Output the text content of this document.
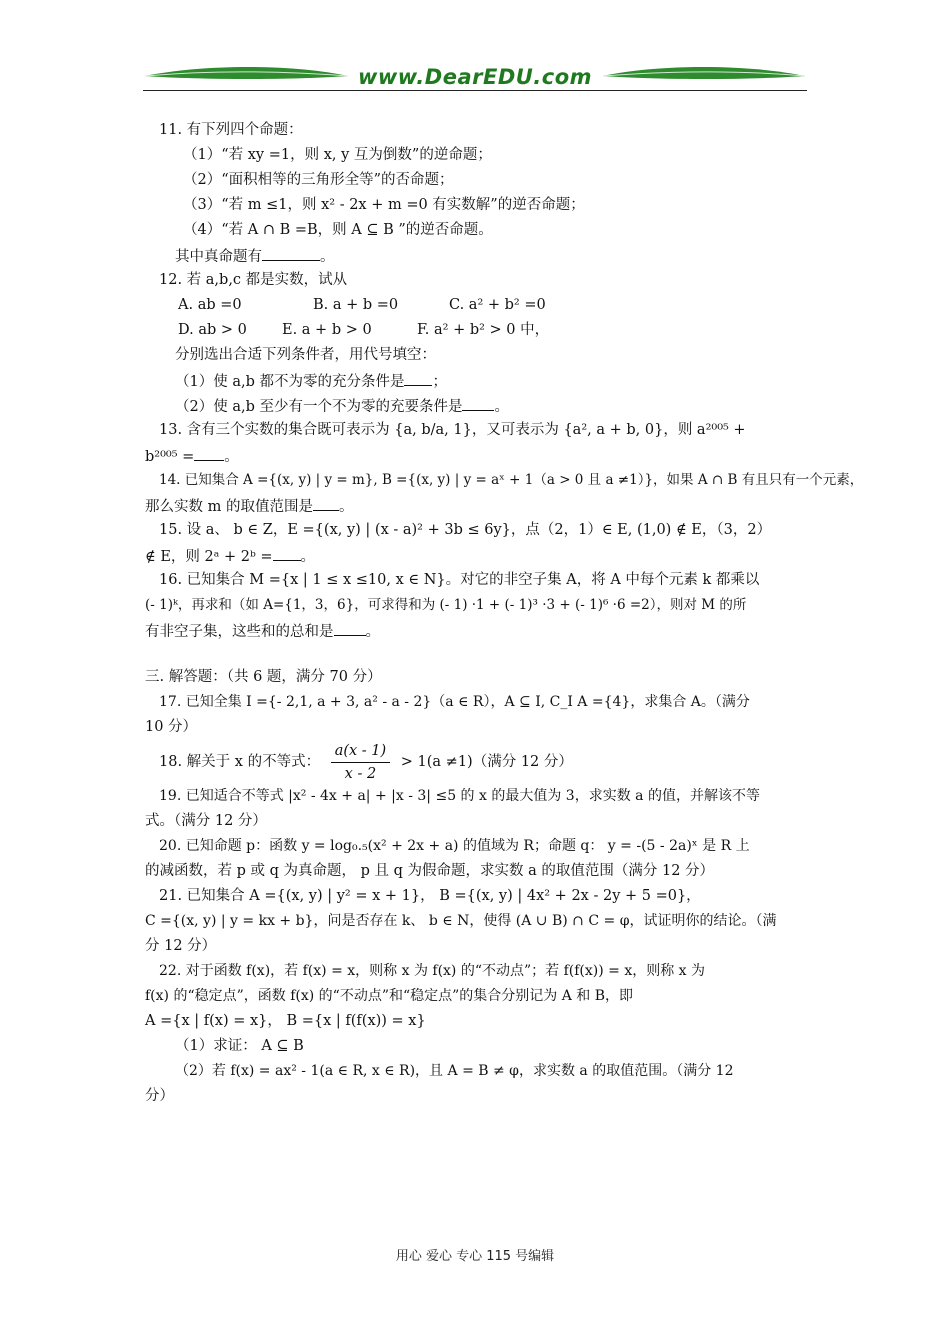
www.DearEDU.com
11. 有下列四个命题：
（1）“若 xy =1，则 x, y 互为倒数”的逆命题；
（2）“面积相等的三角形全等”的否命题；
（3）“若 m ≤1，则 x² - 2x + m =0 有实数解”的逆否命题；
（4）“若 A ∩ B =B，则 A ⊆ B ”的逆否命题。
其中真命题有	。
12. 若 a,b,c 都是实数，试从
A. ab =0	B. a + b =0	C. a² + b² =0
D. ab > 0	E. a + b > 0	F. a² + b² > 0 中，
分别选出合适下列条件者，用代号填空：
（1）使 a,b 都不为零的充分条件是 ；
（2）使 a,b 至少有一个不为零的充要条件是 。
13. 含有三个实数的集合既可表示为 {a, b/a, 1}，又可表示为 {a², a + b, 0}，则 a²⁰⁰⁵ +
b²⁰⁰⁵ = 。
14. 已知集合 A ={(x, y) | y = m}, B ={(x, y) | y = aˣ + 1（a > 0 且 a ≠1）}，如果 A ∩ B 有且只有一个元素，
那么实数 m 的取值范围是 。
15. 设 a、 b ∈ Z，E ={(x, y) | (x - a)² + 3b ≤ 6y}，点（2，1）∈ E, (1,0) ∉ E，（3，2）
∉ E，则 2ᵃ + 2ᵇ = 。
16. 已知集合 M ={x | 1 ≤ x ≤10, x ∈ N}。对它的非空子集 A，将 A 中每个元素 k 都乘以
(- 1)ᵏ，再求和（如 A={1，3，6}，可求得和为 (- 1) ·1 + (- 1)³ ·3 + (- 1)⁶ ·6 =2），则对 M 的所
有非空子集，这些和的总和是 。
三. 解答题：（共 6 题，满分 70 分）
17. 已知全集 I ={- 2,1, a + 3, a² - a - 2}（a ∈ R），A ⊆ I, C_I A ={4}，求集合 A。（满分
10 分）
18. 解关于 x 的不等式： $\frac{a(x - 1)}{x - 2} > 1(a \ne 1)$（满分 12 分）
19. 已知适合不等式 |x² - 4x + a| + |x - 3| ≤5 的 x 的最大值为 3，求实数 a 的值，并解该不等
式。（满分 12 分）
20. 已知命题 p：函数 y = log₀.₅(x² + 2x + a) 的值域为 R；命题 q： y = -(5 - 2a)ˣ 是 R 上
的减函数，若 p 或 q 为真命题， p 且 q 为假命题，求实数 a 的取值范围（满分 12 分）
21. 已知集合 A ={(x, y) | y² = x + 1}， B ={(x, y) | 4x² + 2x - 2y + 5 =0}，
C ={(x, y) | y = kx + b}，问是否存在 k、 b ∈ N，使得 (A ∪ B) ∩ C = φ，试证明你的结论。（满
分 12 分）
22. 对于函数 f(x)，若 f(x) = x，则称 x 为 f(x) 的“不动点”；若 f(f(x)) = x，则称 x 为
f(x) 的“稳定点”，函数 f(x) 的“不动点”和“稳定点”的集合分别记为 A 和 B，即
A ={x | f(x) = x}， B ={x | f(f(x)) = x}
（1）求证： A ⊆ B
（2）若 f(x) = ax² - 1(a ∈ R, x ∈ R)，且 A = B ≠ φ，求实数 a 的取值范围。（满分 12
分）
用心 爱心 专心 115 号编辑
